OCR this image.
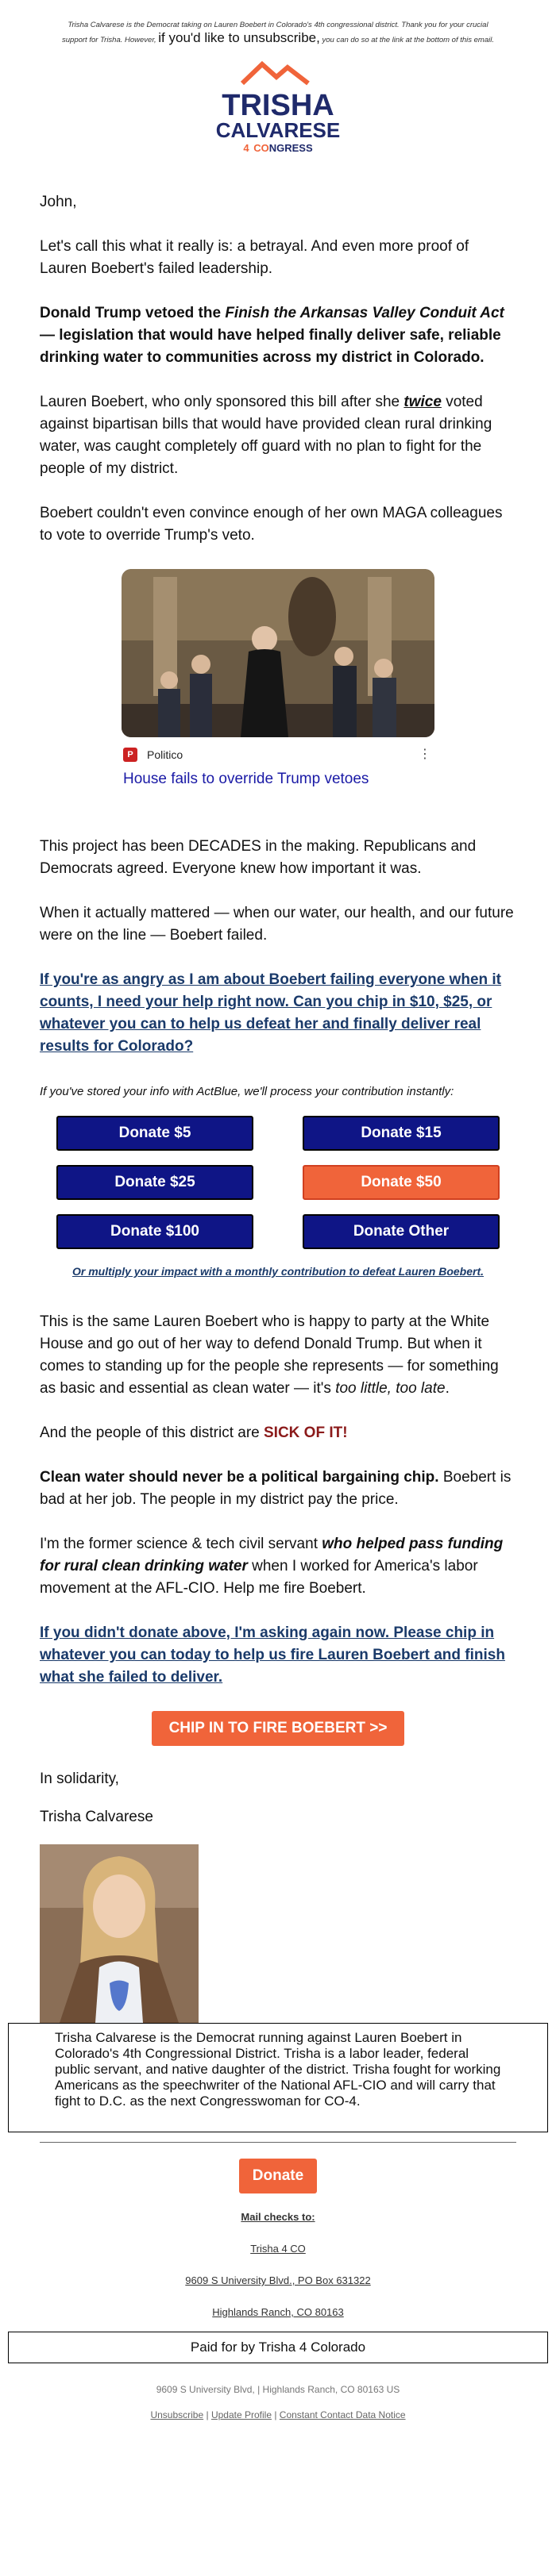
Trisha Calvarese is the Democrat taking on Lauren Boebert in Colorado's 4th congressional district. Thank you for your crucial support for Trisha. However, if you'd like to unsubscribe, you can do so at the link at the bottom of this email.
TRISHA
CALVARESE
4 CONGRESS

John,

Let's call this what it really is: a betrayal. And even more proof of Lauren Boebert's failed leadership.

Donald Trump vetoed the Finish the Arkansas Valley Conduit Act — legislation that would have helped finally deliver safe, reliable drinking water to communities across my district in Colorado.

Lauren Boebert, who only sponsored this bill after she twice voted against bipartisan bills that would have provided clean rural drinking water, was caught completely off guard with no plan to fight for the people of my district.

Boebert couldn't even convince enough of her own MAGA colleagues to vote to override Trump's veto.

P	Politico	⋮
House fails to override Trump vetoes

This project has been DECADES in the making. Republicans and Democrats agreed. Everyone knew how important it was.

When it actually mattered — when our water, our health, and our future were on the line — Boebert failed.

If you're as angry as I am about Boebert failing everyone when it counts, I need your help right now. Can you chip in $10, $25, or whatever you can to help us defeat her and finally deliver real results for Colorado?

If you've stored your info with ActBlue, we'll process your contribution instantly:

Donate $5	Donate $15
Donate $25	Donate $50
Donate $100	Donate Other

Or multiply your impact with a monthly contribution to defeat Lauren Boebert.

This is the same Lauren Boebert who is happy to party at the White House and go out of her way to defend Donald Trump. But when it comes to standing up for the people she represents — for something as basic and essential as clean water — it's too little, too late.

And the people of this district are SICK OF IT!

Clean water should never be a political bargaining chip. Boebert is bad at her job. The people in my district pay the price.

I'm the former science & tech civil servant who helped pass funding for rural clean drinking water when I worked for America's labor movement at the AFL-CIO. Help me fire Boebert.

If you didn't donate above, I'm asking again now. Please chip in whatever you can today to help us fire Lauren Boebert and finish what she failed to deliver.

CHIP IN TO FIRE BOEBERT >>

In solidarity,

Trisha Calvarese

Trisha Calvarese is the Democrat running against Lauren Boebert in Colorado's 4th Congressional District. Trisha is a labor leader, federal public servant, and native daughter of the district. Trisha fought for working Americans as the speechwriter of the National AFL-CIO and will carry that fight to D.C. as the next Congresswoman for CO-4.
Donate

Mail checks to:

Trisha 4 CO

9609 S University Blvd., PO Box 631322

Highlands Ranch, CO 80163

Paid for by Trisha 4 Colorado

9609 S University Blvd, | Highlands Ranch, CO 80163 US

Unsubscribe | Update Profile | Constant Contact Data Notice
